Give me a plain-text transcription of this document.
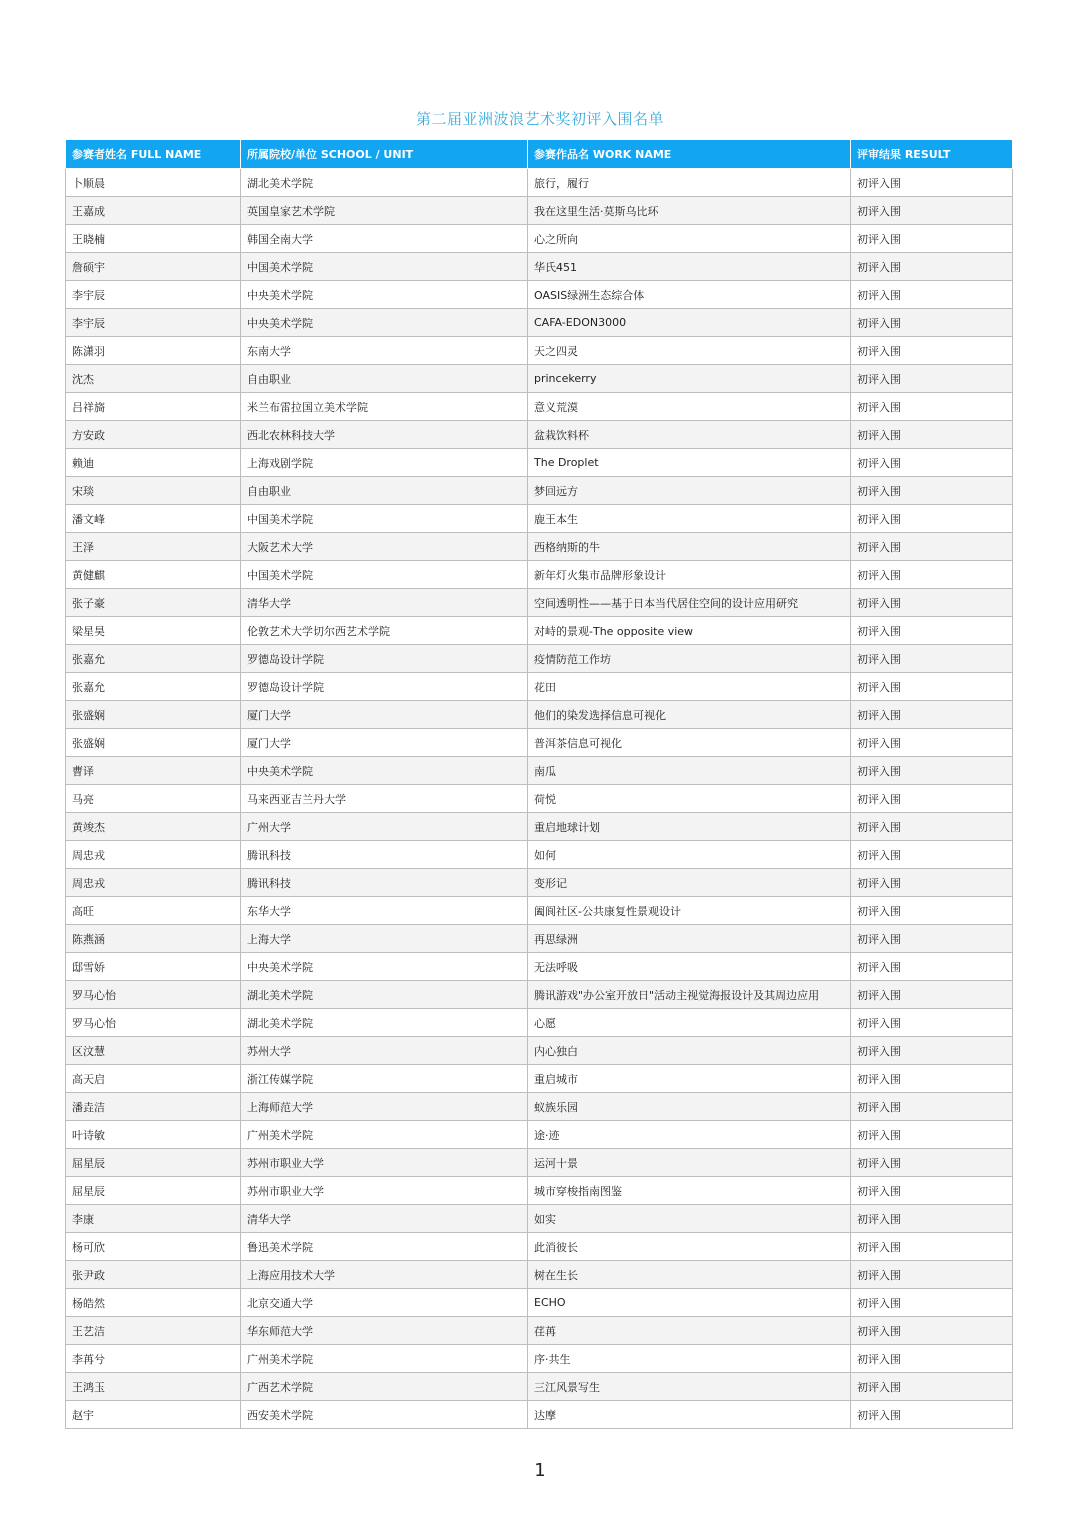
第二届亚洲波浪艺术奖初评入围名单
参赛者姓名 FULL NAME	所属院校/单位 SCHOOL / UNIT	参赛作品名 WORK NAME	评审结果 RESULT
卜顺晨	湖北美术学院	旅行，履行	初评入围
王嘉成	英国皇家艺术学院	我在这里生活·莫斯乌比环	初评入围
王晓楠	韩国全南大学	心之所向	初评入围
詹硕宇	中国美术学院	华氏451	初评入围
李宇辰	中央美术学院	OASIS绿洲生态综合体	初评入围
李宇辰	中央美术学院	CAFA-EDON3000	初评入围
陈潇羽	东南大学	天之四灵	初评入围
沈杰	自由职业	princekerry	初评入围
吕祥旖	米兰布雷拉国立美术学院	意义荒漠	初评入围
方安政	西北农林科技大学	盆栽饮料杯	初评入围
赖迪	上海戏剧学院	The Droplet	初评入围
宋琰	自由职业	梦回远方	初评入围
潘文峰	中国美术学院	鹿王本生	初评入围
王泽	大阪艺术大学	西格纳斯的牛	初评入围
黄健麒	中国美术学院	新年灯火集市品牌形象设计	初评入围
张子豪	清华大学	空间透明性——基于日本当代居住空间的设计应用研究	初评入围
梁星昊	伦敦艺术大学切尔西艺术学院	对峙的景观-The opposite view	初评入围
张嘉允	罗德岛设计学院	疫情防范工作坊	初评入围
张嘉允	罗德岛设计学院	花田	初评入围
张盛娴	厦门大学	他们的染发选择信息可视化	初评入围
张盛娴	厦门大学	普洱茶信息可视化	初评入围
曹译	中央美术学院	南瓜	初评入围
马亮	马来西亚吉兰丹大学	荷悦	初评入围
黄竣杰	广州大学	重启地球计划	初评入围
周忠戎	腾讯科技	如何	初评入围
周忠戎	腾讯科技	变形记	初评入围
高旺	东华大学	阖阆社区-公共康复性景观设计	初评入围
陈燕涵	上海大学	再思绿洲	初评入围
邸雪娇	中央美术学院	无法呼吸	初评入围
罗马心怡	湖北美术学院	腾讯游戏"办公室开放日"活动主视觉海报设计及其周边应用	初评入围
罗马心怡	湖北美术学院	心愿	初评入围
区汶慧	苏州大学	内心独白	初评入围
高天启	浙江传媒学院	重启城市	初评入围
潘垚洁	上海师范大学	蚁族乐园	初评入围
叶诗敏	广州美术学院	途·迹	初评入围
屈星辰	苏州市职业大学	运河十景	初评入围
屈星辰	苏州市职业大学	城市穿梭指南图鉴	初评入围
李康	清华大学	如实	初评入围
杨可欣	鲁迅美术学院	此消彼长	初评入围
张尹政	上海应用技术大学	树在生长	初评入围
杨皓然	北京交通大学	ECHO	初评入围
王艺洁	华东师范大学	荏苒	初评入围
李苒兮	广州美术学院	序·共生	初评入围
王鸿玉	广西艺术学院	三江风景写生	初评入围
赵宇	西安美术学院	达摩	初评入围
1
